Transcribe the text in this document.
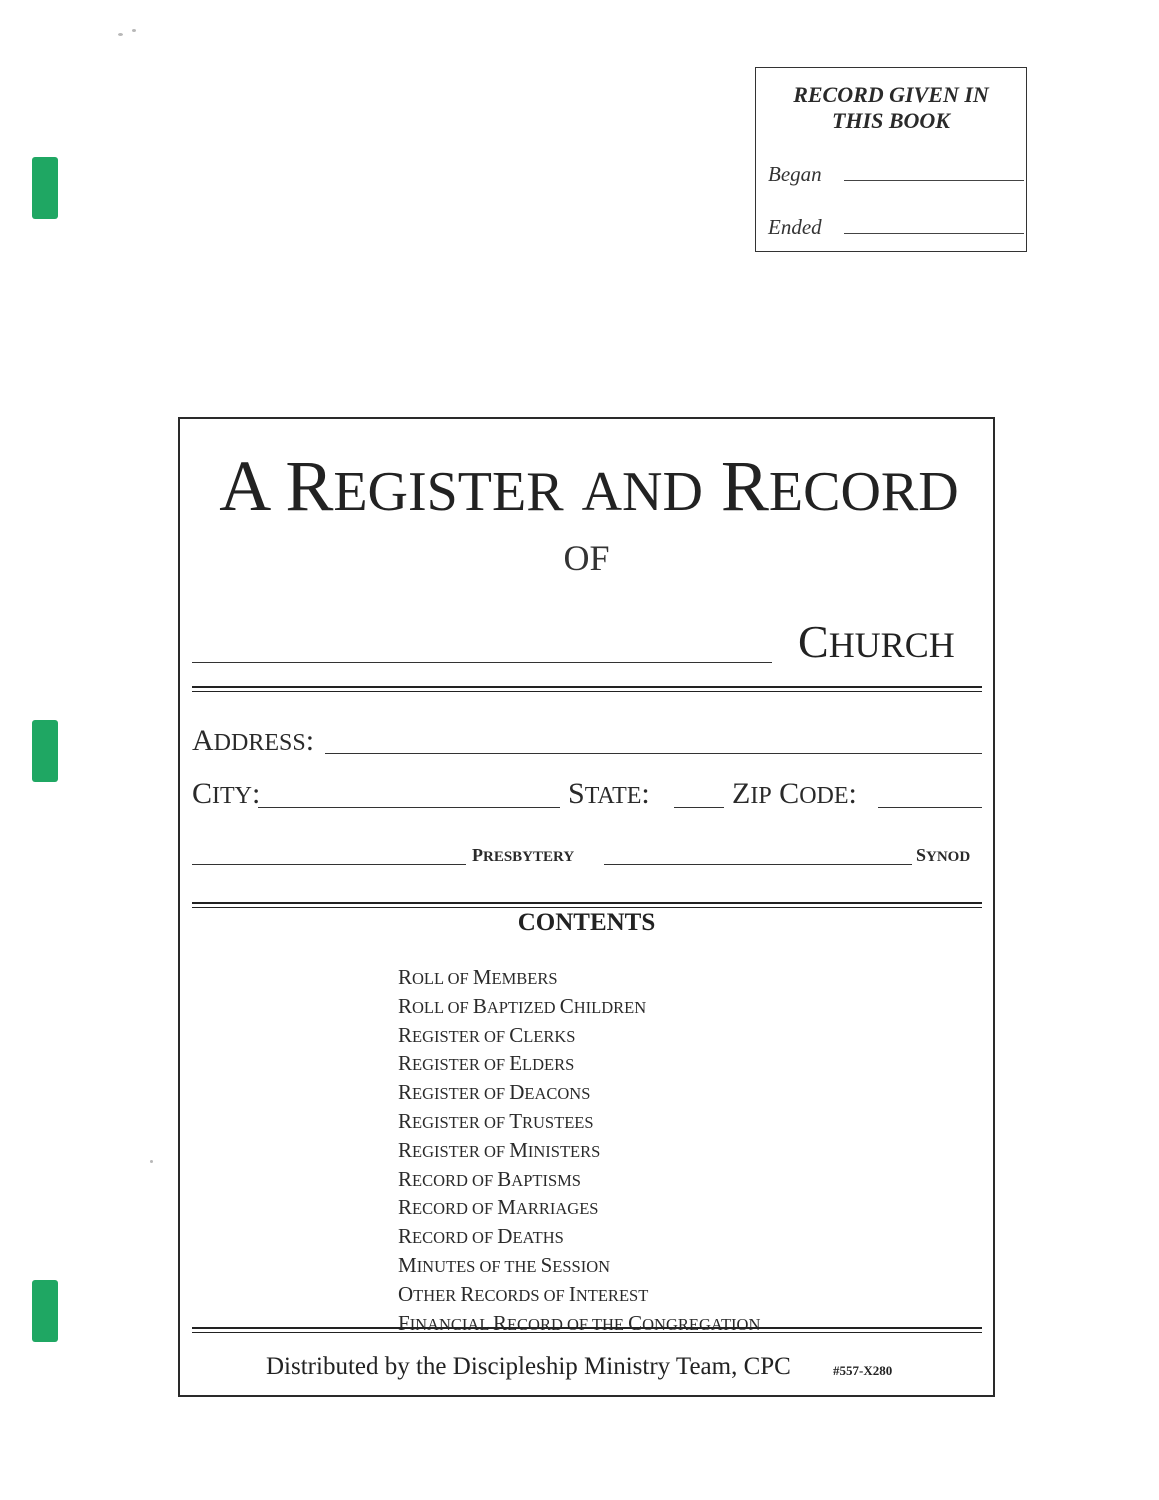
RECORD GIVEN IN
THIS BOOK
Began
Ended
A REGISTER AND RECORD
OF
CHURCH
ADDRESS:
CITY:	STATE:	ZIP CODE:
PRESBYTERY	SYNOD
CONTENTS
ROLL OF MEMBERS
ROLL OF BAPTIZED CHILDREN
REGISTER OF CLERKS
REGISTER OF ELDERS
REGISTER OF DEACONS
REGISTER OF TRUSTEES
REGISTER OF MINISTERS
RECORD OF BAPTISMS
RECORD OF MARRIAGES
RECORD OF DEATHS
MINUTES OF THE SESSION
OTHER RECORDS OF INTEREST
FINANCIAL RECORD OF THE CONGREGATION
Distributed by the Discipleship Ministry Team, CPC	#557-X280
